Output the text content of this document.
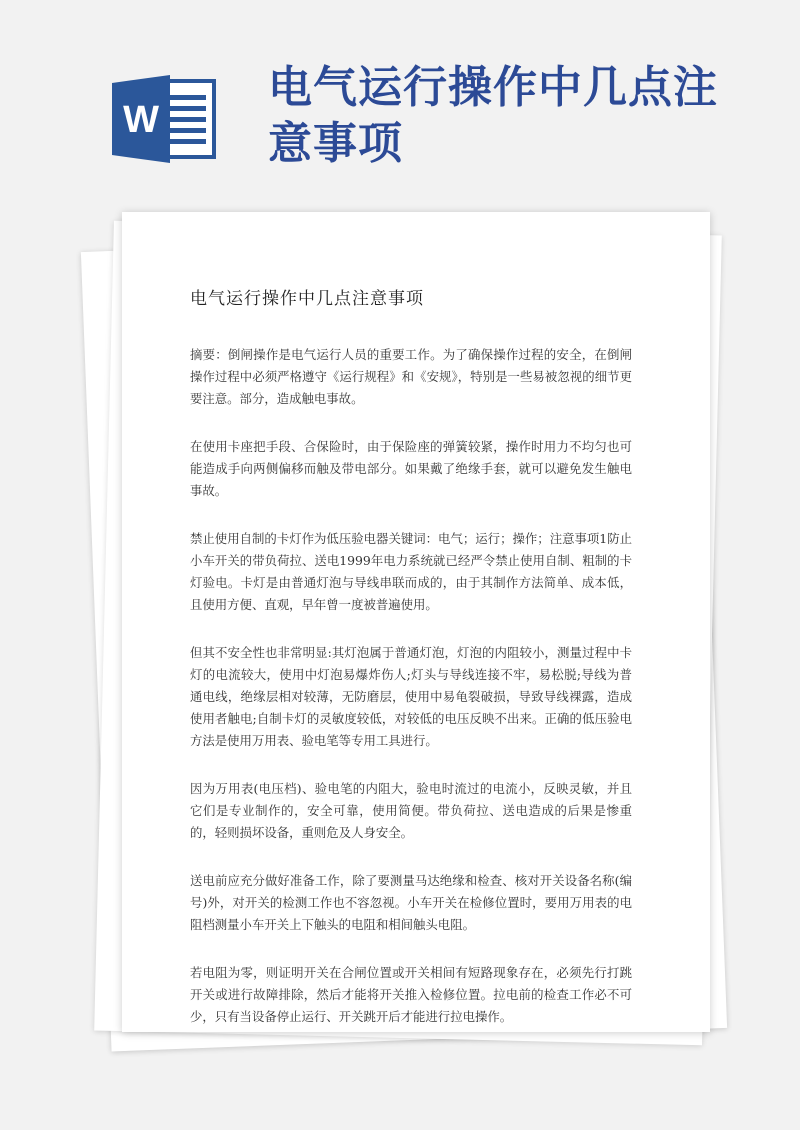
W
电气运行操作中几点注意事项
电气运行操作中几点注意事项

摘要：倒闸操作是电气运行人员的重要工作。为了确保操作过程的安全，在倒闸操作过程中必须严格遵守《运行规程》和《安规》，特别是一些易被忽视的细节更要注意。部分，造成触电事故。

在使用卡座把手段、合保险时，由于保险座的弹簧较紧，操作时用力不均匀也可能造成手向两侧偏移而触及带电部分。如果戴了绝缘手套，就可以避免发生触电事故。

禁止使用自制的卡灯作为低压验电器关键词：电气；运行；操作；注意事项1防止小车开关的带负荷拉、送电1999年电力系统就已经严令禁止使用自制、粗制的卡灯验电。卡灯是由普通灯泡与导线串联而成的，由于其制作方法简单、成本低，且使用方便、直观，早年曾一度被普遍使用。

但其不安全性也非常明显:其灯泡属于普通灯泡，灯泡的内阻较小，测量过程中卡灯的电流较大，使用中灯泡易爆炸伤人;灯头与导线连接不牢，易松脱;导线为普通电线，绝缘层相对较薄，无防磨层，使用中易龟裂破损，导致导线裸露，造成使用者触电;自制卡灯的灵敏度较低，对较低的电压反映不出来。正确的低压验电方法是使用万用表、验电笔等专用工具进行。

因为万用表(电压档)、验电笔的内阻大，验电时流过的电流小，反映灵敏，并且它们是专业制作的，安全可靠，使用简便。带负荷拉、送电造成的后果是惨重的，轻则损坏设备，重则危及人身安全。

送电前应充分做好准备工作，除了要测量马达绝缘和检查、核对开关设备名称(编号)外，对开关的检测工作也不容忽视。小车开关在检修位置时，要用万用表的电阻档测量小车开关上下触头的电阻和相间触头电阻。

若电阻为零，则证明开关在合闸位置或开关相间有短路现象存在，必须先行打跳开关或进行故障排除，然后才能将开关推入检修位置。拉电前的检查工作必不可少，只有当设备停止运行、开关跳开后才能进行拉电操作。
